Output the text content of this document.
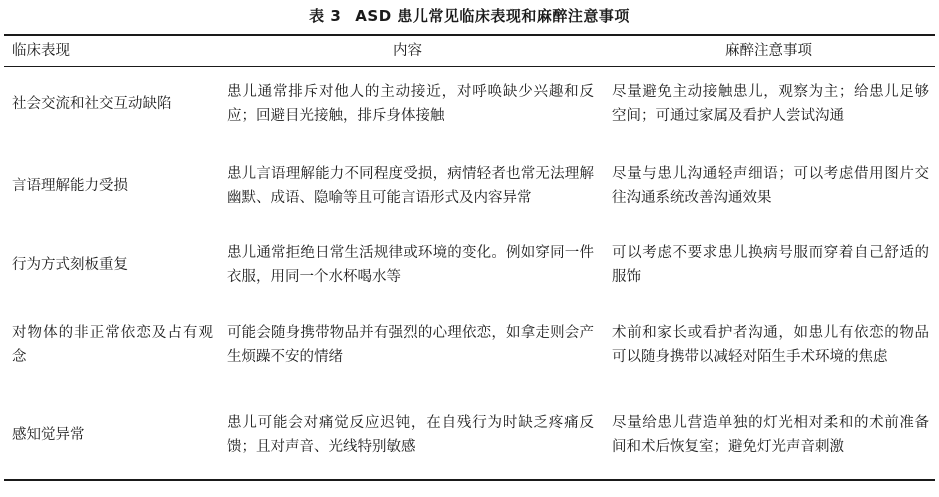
表 3 ASD 患儿常见临床表现和麻醉注意事项
临床表现	内容	麻醉注意事项

社会交流和社交互动缺陷	患儿通常排斥对他人的主动接近，对呼唤缺少兴趣和反应；回避目光接触，排斥身体接触	尽量避免主动接触患儿，观察为主；给患儿足够空间；可通过家属及看护人尝试沟通

言语理解能力受损	患儿言语理解能力不同程度受损，病情轻者也常无法理解幽默、成语、隐喻等且可能言语形式及内容异常	尽量与患儿沟通轻声细语；可以考虑借用图片交往沟通系统改善沟通效果

行为方式刻板重复	患儿通常拒绝日常生活规律或环境的变化。例如穿同一件衣服，用同一个水杯喝水等	可以考虑不要求患儿换病号服而穿着自己舒适的服饰

对物体的非正常依恋及占有观念	可能会随身携带物品并有强烈的心理依恋，如拿走则会产生烦躁不安的情绪	术前和家长或看护者沟通，如患儿有依恋的物品可以随身携带以减轻对陌生手术环境的焦虑

感知觉异常	患儿可能会对痛觉反应迟钝，在自残行为时缺乏疼痛反馈；且对声音、光线特别敏感	尽量给患儿营造单独的灯光相对柔和的术前准备间和术后恢复室；避免灯光声音刺激
